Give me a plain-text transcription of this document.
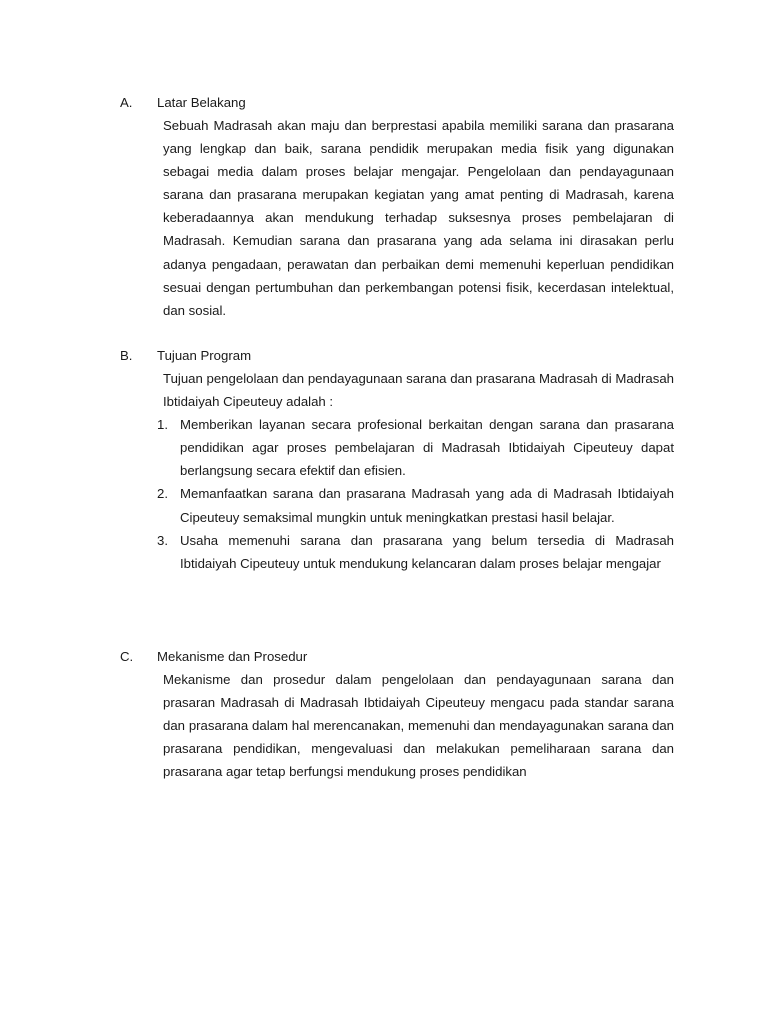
A.	Latar Belakang
Sebuah Madrasah akan maju dan berprestasi apabila memiliki sarana dan prasarana yang lengkap dan baik, sarana pendidik merupakan media fisik yang digunakan sebagai media dalam proses belajar mengajar. Pengelolaan dan pendayagunaan sarana dan prasarana merupakan kegiatan yang amat penting di Madrasah, karena keberadaannya akan mendukung terhadap suksesnya proses pembelajaran di Madrasah. Kemudian sarana dan prasarana yang ada selama ini dirasakan perlu adanya pengadaan, perawatan dan perbaikan demi memenuhi keperluan pendidikan sesuai dengan pertumbuhan dan perkembangan potensi fisik, kecerdasan intelektual, dan sosial.
B.	Tujuan Program
Tujuan pengelolaan dan pendayagunaan sarana dan prasarana Madrasah di Madrasah Ibtidaiyah Cipeuteuy adalah :
1. Memberikan layanan secara profesional berkaitan dengan sarana dan prasarana pendidikan agar proses pembelajaran di Madrasah Ibtidaiyah Cipeuteuy dapat berlangsung secara efektif dan efisien.
2. Memanfaatkan sarana dan prasarana Madrasah yang ada di Madrasah Ibtidaiyah Cipeuteuy semaksimal mungkin untuk meningkatkan prestasi hasil belajar.
3. Usaha memenuhi sarana dan prasarana yang belum tersedia di Madrasah Ibtidaiyah Cipeuteuy untuk mendukung kelancaran dalam proses belajar mengajar
C.	Mekanisme dan Prosedur
Mekanisme dan prosedur dalam pengelolaan dan pendayagunaan sarana dan prasaran Madrasah di Madrasah Ibtidaiyah Cipeuteuy mengacu pada standar sarana dan prasarana dalam hal merencanakan, memenuhi dan mendayagunakan sarana dan prasarana pendidikan, mengevaluasi dan melakukan pemeliharaan sarana dan prasarana agar tetap berfungsi mendukung proses pendidikan
